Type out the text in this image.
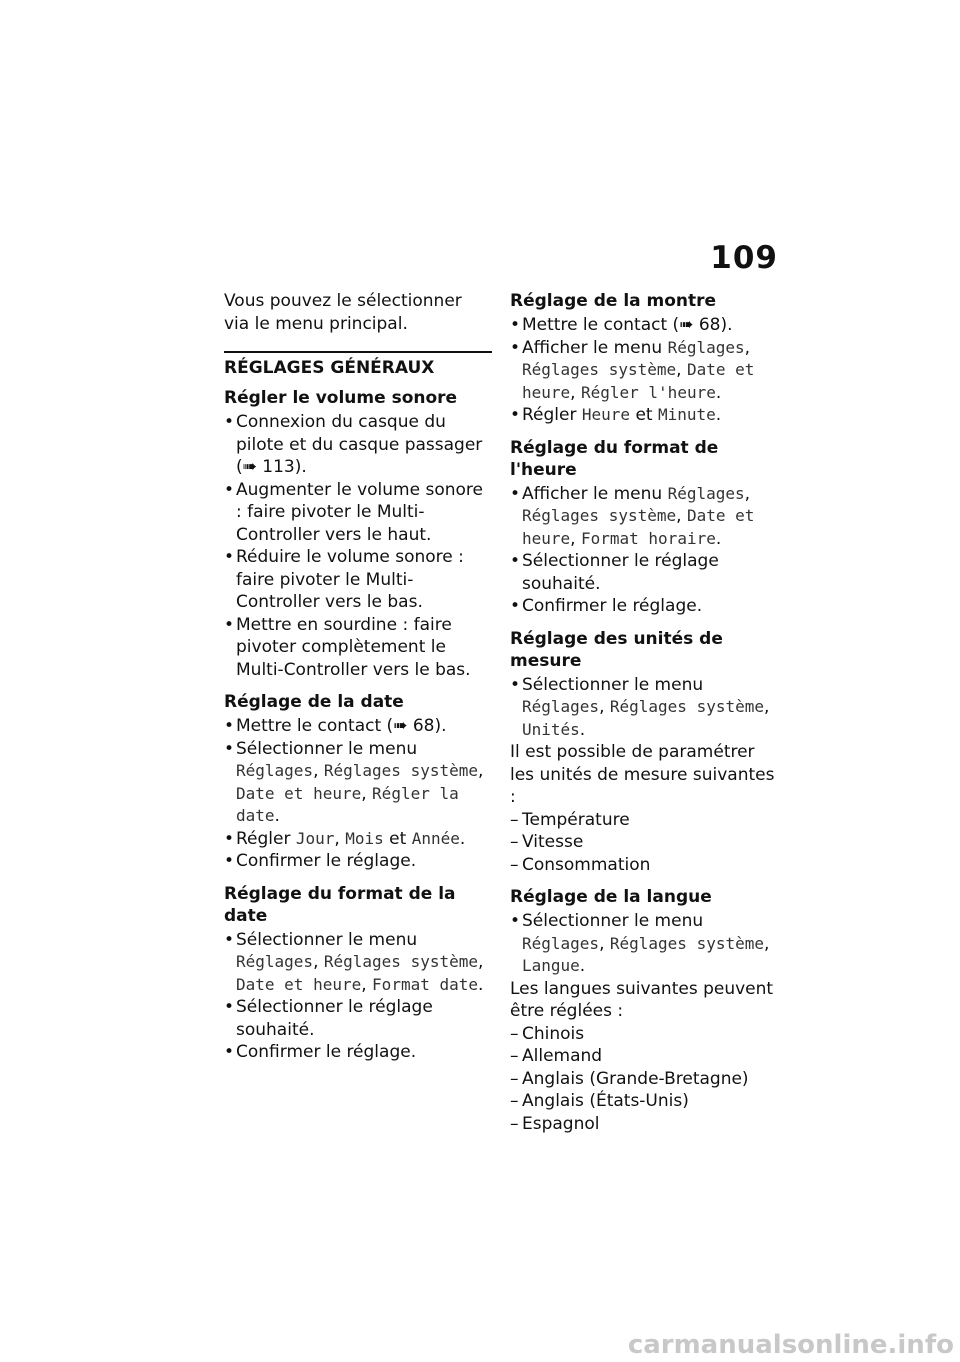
109

Vous pouvez le sélectionner via le menu principal.

RÉGLAGES GÉNÉRAUX
Régler le volume sonore
• Connexion du casque du pilote et du casque passager (➠ 113).
• Augmenter le volume sonore : faire pivoter le Multi-Controller vers le haut.
• Réduire le volume sonore : faire pivoter le Multi-Controller vers le bas.
• Mettre en sourdine : faire pivoter complètement le Multi-Controller vers le bas.
Réglage de la date
• Mettre le contact (➠ 68).
• Sélectionner le menu Réglages, Réglages système, Date et heure, Régler la date.
• Régler Jour, Mois et Année.
• Confirmer le réglage.
Réglage du format de la date
• Sélectionner le menu Réglages, Réglages système, Date et heure, Format date.
• Sélectionner le réglage souhaité.
• Confirmer le réglage.
Réglage de la montre
• Mettre le contact (➠ 68).
• Afficher le menu Réglages, Réglages système, Date et heure, Régler l'heure.
• Régler Heure et Minute.
Réglage du format de l'heure
• Afficher le menu Réglages, Réglages système, Date et heure, Format horaire.
• Sélectionner le réglage souhaité.
• Confirmer le réglage.
Réglage des unités de mesure
• Sélectionner le menu Réglages, Réglages système, Unités.

Il est possible de paramétrer les unités de mesure suivantes :

– Température
– Vitesse
– Consommation
Réglage de la langue
• Sélectionner le menu Réglages, Réglages système, Langue.

Les langues suivantes peuvent être réglées :

– Chinois
– Allemand
– Anglais (Grande-Bretagne)
– Anglais (États-Unis)
– Espagnol
carmanualsonline.info
